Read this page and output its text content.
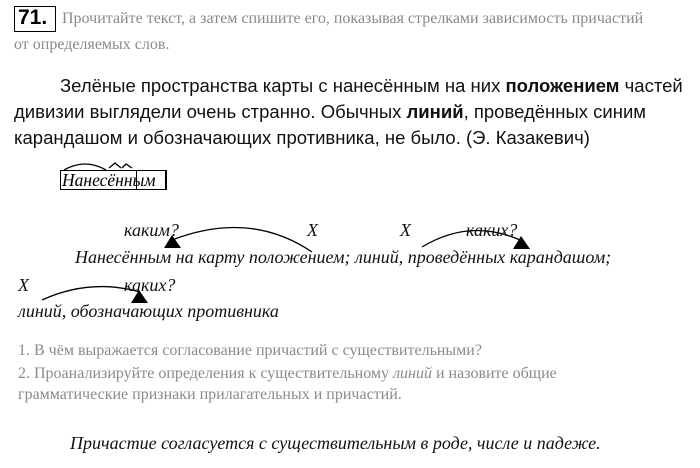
71. Прочитайте текст, а затем спишите его, показывая стрелками зависимость причастий
от определяемых слов.
Зелёные пространства карты с нанесённым на них положением частей
дивизии выглядели очень странно. Обычных линий, проведённых синим
карандашом и обозначающих противника, не было. (Э. Казакевич)
Нанесённым
каким?	X	X	каких?
Нанесённым на карту положением; линий, проведённых карандашом;
X	каких?
линий, обозначающих противника
1. В чём выражается согласование причастий с существительными?
2. Проанализируйте определения к существительному линий и назовите общие
грамматические признаки прилагательных и причастий.
Причастие согласуется с существительным в роде, числе и падеже.
